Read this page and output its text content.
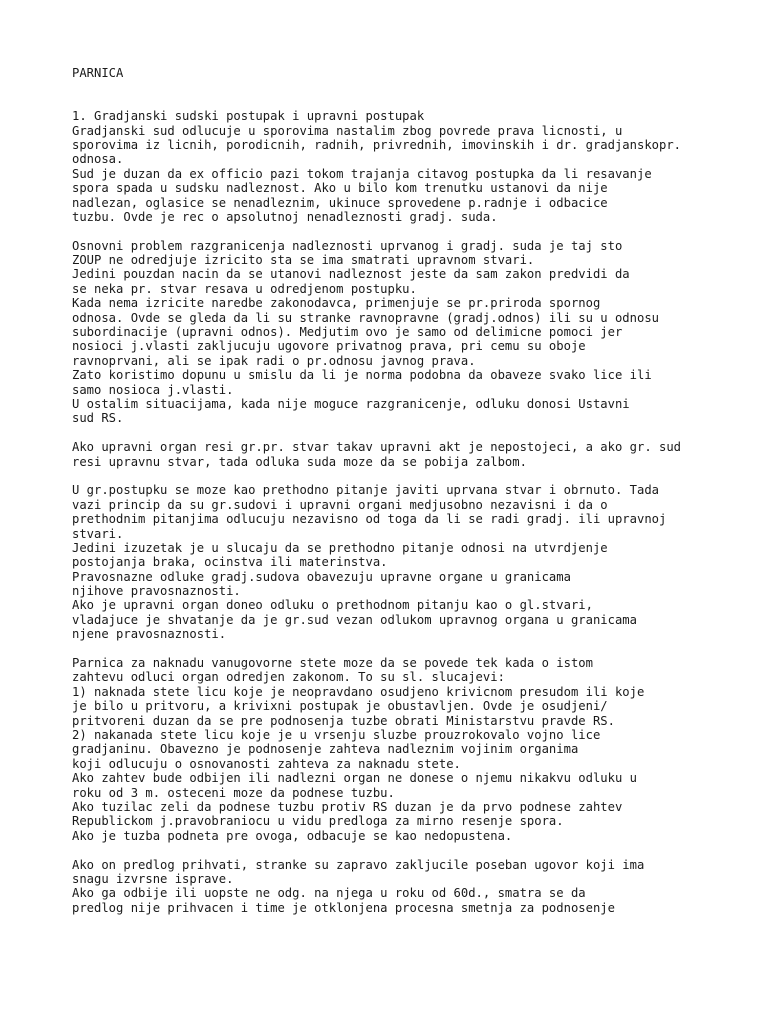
PARNICA
1. Gradjanski sudski postupak i upravni postupak
Gradjanski sud odlucuje u sporovima nastalim zbog povrede prava licnosti, u
sporovima iz licnih, porodicnih, radnih, privrednih, imovinskih i dr. gradjanskopr.
odnosa.
Sud je duzan da ex officio pazi tokom trajanja citavog postupka da li resavanje
spora spada u sudsku nadleznost. Ako u bilo kom trenutku ustanovi da nije
nadlezan, oglasice se nenadleznim, ukinuce sprovedene p.radnje i odbacice
tuzbu. Ovde je rec o apsolutnoj nenadleznosti gradj. suda.
Osnovni problem razgranicenja nadleznosti uprvanog i gradj. suda je taj sto
ZOUP ne odredjuje izricito sta se ima smatrati upravnom stvari.
Jedini pouzdan nacin da se utanovi nadleznost jeste da sam zakon predvidi da
se neka pr. stvar resava u odredjenom postupku.
Kada nema izricite naredbe zakonodavca, primenjuje se pr.priroda spornog
odnosa. Ovde se gleda da li su stranke ravnopravne (gradj.odnos) ili su u odnosu
subordinacije (upravni odnos). Medjutim ovo je samo od delimicne pomoci jer
nosioci j.vlasti zakljucuju ugovore privatnog prava, pri cemu su oboje
ravnoprvani, ali se ipak radi o pr.odnosu javnog prava.
Zato koristimo dopunu u smislu da li je norma podobna da obaveze svako lice ili
samo nosioca j.vlasti.
U ostalim situacijama, kada nije moguce razgranicenje, odluku donosi Ustavni
sud RS.
Ako upravni organ resi gr.pr. stvar takav upravni akt je nepostojeci, a ako gr. sud
resi upravnu stvar, tada odluka suda moze da se pobija zalbom.
U gr.postupku se moze kao prethodno pitanje javiti uprvana stvar i obrnuto. Tada
vazi princip da su gr.sudovi i upravni organi medjusobno nezavisni i da o
prethodnim pitanjima odlucuju nezavisno od toga da li se radi gradj. ili upravnoj
stvari.
Jedini izuzetak je u slucaju da se prethodno pitanje odnosi na utvrdjenje
postojanja braka, ocinstva ili materinstva.
Pravosnazne odluke gradj.sudova obavezuju upravne organe u granicama
njihove pravosnaznosti.
Ako je upravni organ doneo odluku o prethodnom pitanju kao o gl.stvari,
vladajuce je shvatanje da je gr.sud vezan odlukom upravnog organa u granicama
njene pravosnaznosti.
Parnica za naknadu vanugovorne stete moze da se povede tek kada o istom
zahtevu odluci organ odredjen zakonom. To su sl. slucajevi:
1) naknada stete licu koje je neopravdano osudjeno krivicnom presudom ili koje
je bilo u pritvoru, a krivixni postupak je obustavljen. Ovde je osudjeni/
pritvoreni duzan da se pre podnosenja tuzbe obrati Ministarstvu pravde RS.
2) nakanada stete licu koje je u vrsenju sluzbe prouzrokovalo vojno lice
gradjaninu. Obavezno je podnosenje zahteva nadleznim vojinim organima
koji odlucuju o osnovanosti zahteva za naknadu stete.
Ako zahtev bude odbijen ili nadlezni organ ne donese o njemu nikakvu odluku u
roku od 3 m. osteceni moze da podnese tuzbu.
Ako tuzilac zeli da podnese tuzbu protiv RS duzan je da prvo podnese zahtev
Republickom j.pravobraniocu u vidu predloga za mirno resenje spora.
Ako je tuzba podneta pre ovoga, odbacuje se kao nedopustena.
Ako on predlog prihvati, stranke su zapravo zakljucile poseban ugovor koji ima
snagu izvrsne isprave.
Ako ga odbije ili uopste ne odg. na njega u roku od 60d., smatra se da
predlog nije prihvacen i time je otklonjena procesna smetnja za podnosenje
